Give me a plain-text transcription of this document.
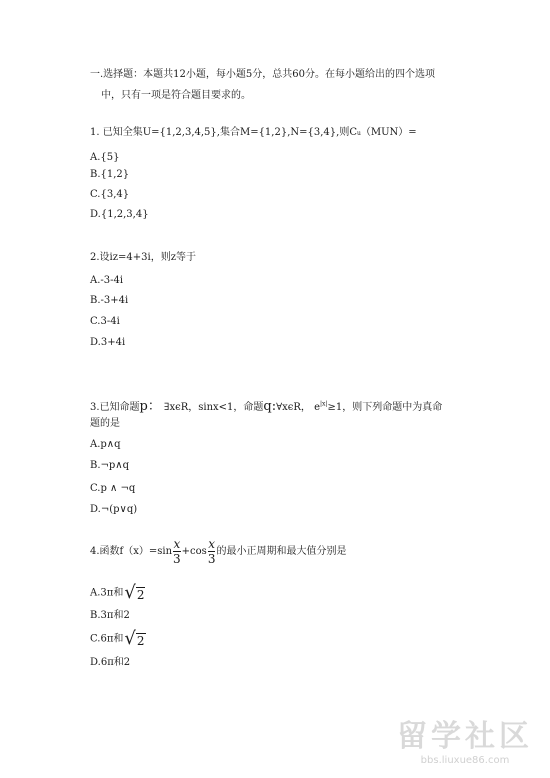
一.选择题：本题共12小题，每小题5分，总共60分。在每小题给出的四个选项
中，只有一项是符合题目要求的。
1. 已知全集U={1,2,3,4,5},集合M={1,2},N={3,4},则Cu（MUN）=
A.{5}
B.{1,2}
C.{3,4}
D.{1,2,3,4}
2.设iz=4+3i，则z等于
A.-3-4i
B.-3+4i
C.3-4i
D.3+4i
3.已知命题p： ∃xϵR，sinx<1，命题q:∀xϵR， $e^{|x|}\ge 1$，则下列命题中为真命
题的是
A.p∧q
B.¬p∧q
C.p ∧ ¬q
D.¬(p∨q)
4.函数$f(x)=\sin \frac{x}{3} +\cos \frac{x}{3}$ 的最小正周期和最大值分别是
A.3π和√2
B.3π和2
C.6π和√2
D.6π和2
留学社区
bbs.liuxue86.com
